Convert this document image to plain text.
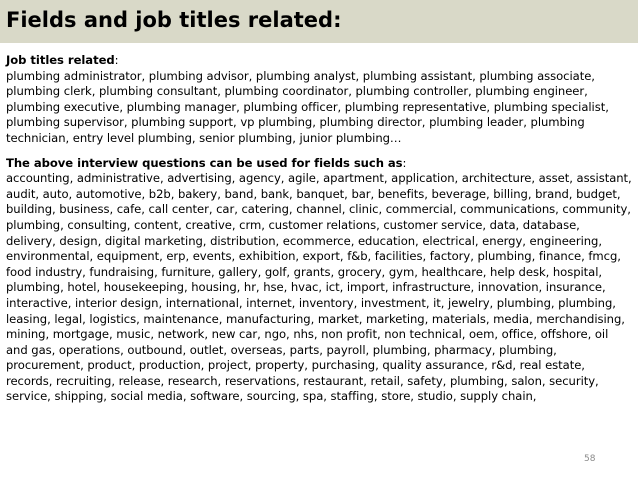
Fields and job titles related:
Job titles related:

plumbing administrator, plumbing advisor, plumbing analyst, plumbing assistant, plumbing associate, plumbing clerk, plumbing consultant, plumbing coordinator, plumbing controller, plumbing engineer, plumbing executive, plumbing manager, plumbing officer, plumbing representative, plumbing specialist, plumbing supervisor, plumbing support, vp plumbing, plumbing director, plumbing leader, plumbing technician, entry level plumbing, senior plumbing, junior plumbing…

The above interview questions can be used for fields such as:

accounting, administrative, advertising, agency, agile, apartment, application, architecture, asset, assistant, audit, auto, automotive, b2b, bakery, band, bank, banquet, bar, benefits, beverage, billing, brand, budget, building, business, cafe, call center, car, catering, channel, clinic, commercial, communications, community, plumbing, consulting, content, creative, crm, customer relations, customer service, data, database, delivery, design, digital marketing, distribution, ecommerce, education, electrical, energy, engineering, environmental, equipment, erp, events, exhibition, export, f&b, facilities, factory, plumbing, finance, fmcg, food industry, fundraising, furniture, gallery, golf, grants, grocery, gym, healthcare, help desk, hospital, plumbing, hotel, housekeeping, housing, hr, hse, hvac, ict, import, infrastructure, innovation, insurance, interactive, interior design, international, internet, inventory, investment, it, jewelry, plumbing, plumbing, leasing, legal, logistics, maintenance, manufacturing, market, marketing, materials, media, merchandising, mining, mortgage, music, network, new car, ngo, nhs, non profit, non technical, oem, office, offshore, oil and gas, operations, outbound, outlet, overseas, parts, payroll, plumbing, pharmacy, plumbing, procurement, product, production, project, property, purchasing, quality assurance, r&d, real estate, records, recruiting, release, research, reservations, restaurant, retail, safety, plumbing, salon, security, service, shipping, social media, software, sourcing, spa, staffing, store, studio, supply chain,

58
